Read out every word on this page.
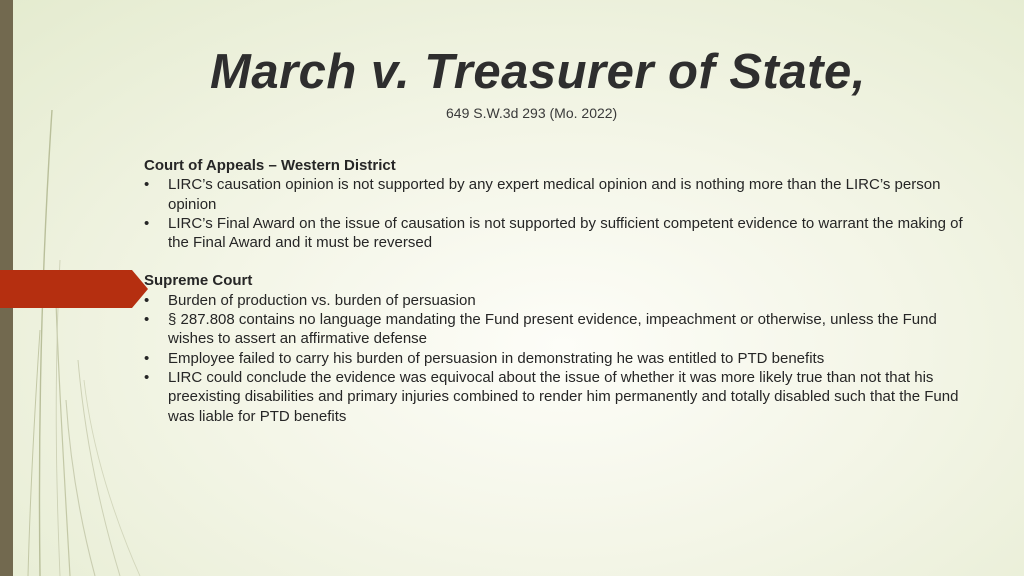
March v. Treasurer of State,
649 S.W.3d 293 (Mo. 2022)

Court of Appeals – Western District

• LIRC’s causation opinion is not supported by any expert medical opinion and is nothing more than the LIRC’s person opinion
• LIRC’s Final Award on the issue of causation is not supported by sufficient competent evidence to warrant the making of the Final Award and it must be reversed

Supreme Court

• Burden of production vs. burden of persuasion
• § 287.808 contains no language mandating the Fund present evidence, impeachment or otherwise, unless the Fund wishes to assert an affirmative defense
• Employee failed to carry his burden of persuasion in demonstrating he was entitled to PTD benefits
• LIRC could conclude the evidence was equivocal about the issue of whether it was more likely true than not that his preexisting disabilities and primary injuries combined to render him permanently and totally disabled such that the Fund was liable for PTD benefits
